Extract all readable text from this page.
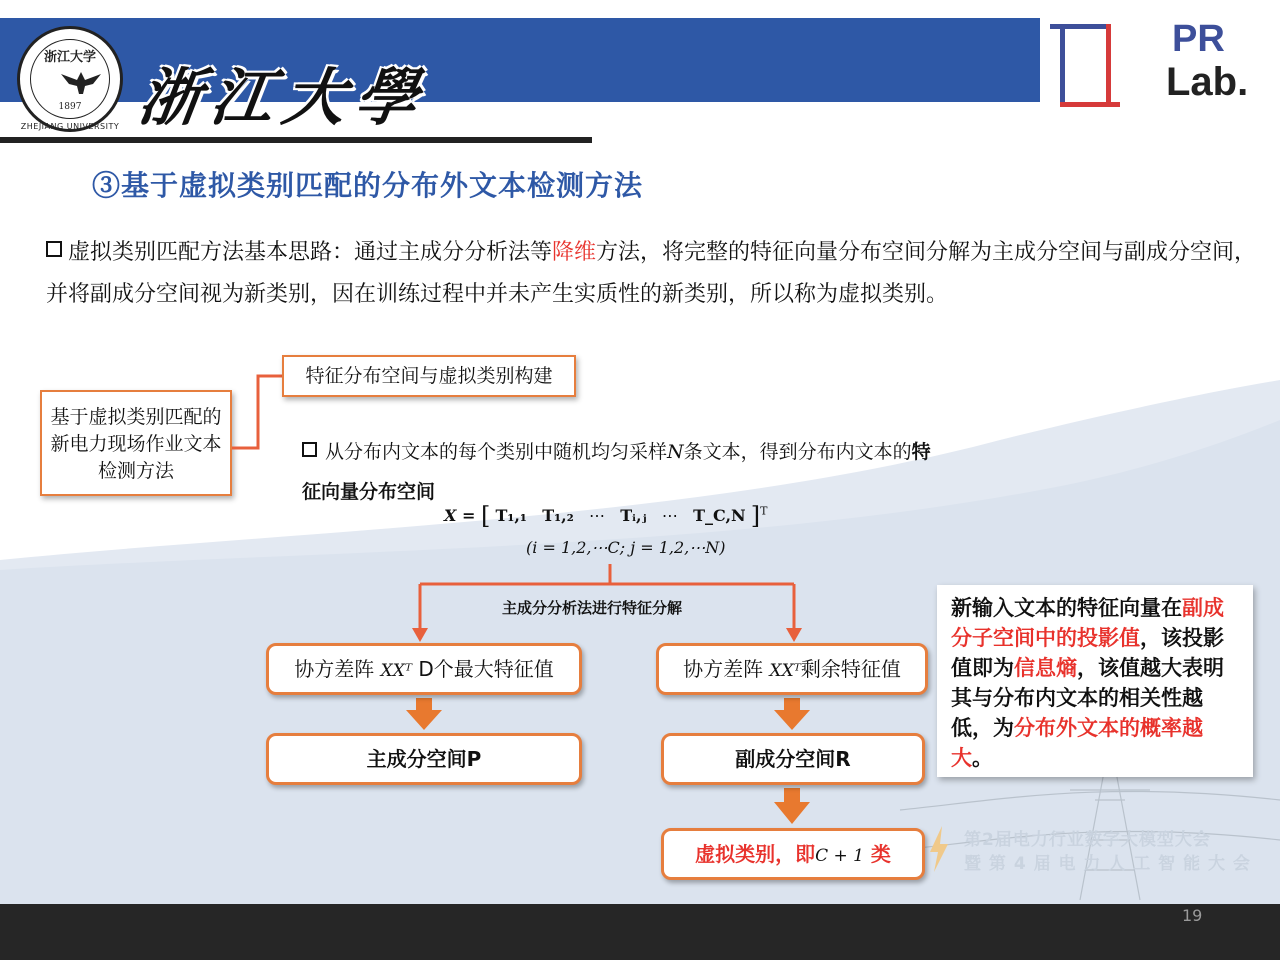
浙江大学
1897
ZHEJIANG UNIVERSITY 浙江大學
PR
Lab.
③基于虚拟类别匹配的分布外文本检测方法
虚拟类别匹配方法基本思路：通过主成分分析法等降维方法，将完整的特征向量分布空间分解为主成分空间与副成分空间，并将副成分空间视为新类别，因在训练过程中并未产生实质性的新类别，所以称为虚拟类别。
基于虚拟类别匹配的新电力现场作业文本检测方法
特征分布空间与虚拟类别构建
从分布内文本的每个类别中随机均匀采样N条文本，得到分布内文本的特征向量分布空间
X = [ T₁,₁ T₁,₂ ⋯ Tᵢ,ⱼ ⋯ T_C,N ]$^T$
(i = 1,2,⋯C; j = 1,2,⋯N)
主成分分析法进行特征分解
协方差阵 XXᵀ D个最大特征值	协方差阵 XXᵀ剩余特征值
主成分空间P	副成分空间R
虚拟类别，即C + 1 类
新输入文本的特征向量在副成分子空间中的投影值，该投影值即为信息熵，该值越大表明其与分布内文本的相关性越低，为分布外文本的概率越大。
第2届电力行业数字大模型大会
暨 第 4 届 电 力 人 工 智 能 大 会
19
